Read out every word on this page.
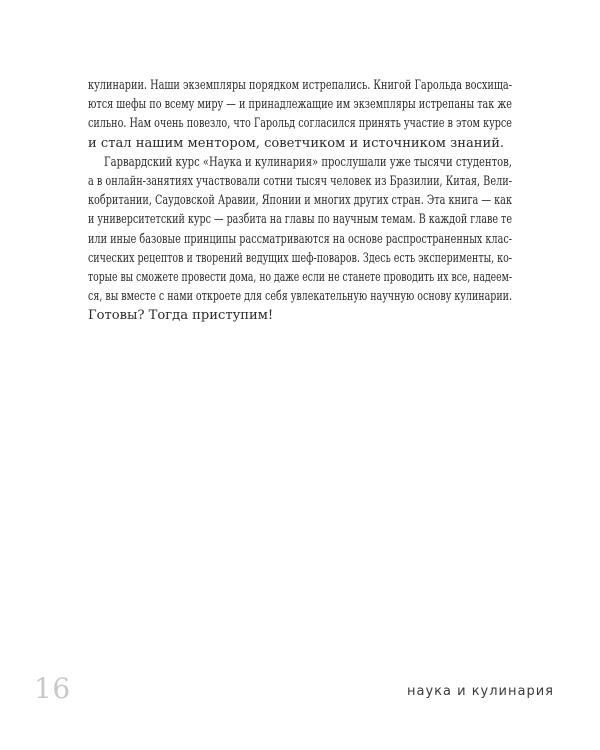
кулинарии. Наши экземпляры порядком истрепались. Книгой Гарольда восхища-
ются шефы по всему миру — и принадлежащие им экземпляры истрепаны так же
сильно. Нам очень повезло, что Гарольд согласился принять участие в этом курсе
и стал нашим ментором, советчиком и источником знаний.
Гарвардский курс «Наука и кулинария» прослушали уже тысячи студентов,
а в онлайн-занятиях участвовали сотни тысяч человек из Бразилии, Китая, Вели-
кобритании, Саудовской Аравии, Японии и многих других стран. Эта книга — как
и университетский курс — разбита на главы по научным темам. В каждой главе те
или иные базовые принципы рассматриваются на основе распространенных клас-
сических рецептов и творений ведущих шеф-поваров. Здесь есть эксперименты, ко-
торые вы сможете провести дома, но даже если не станете проводить их все, надеем-
ся, вы вместе с нами откроете для себя увлекательную научную основу кулинарии.
Готовы? Тогда приступим!
16	наука и кулинария
